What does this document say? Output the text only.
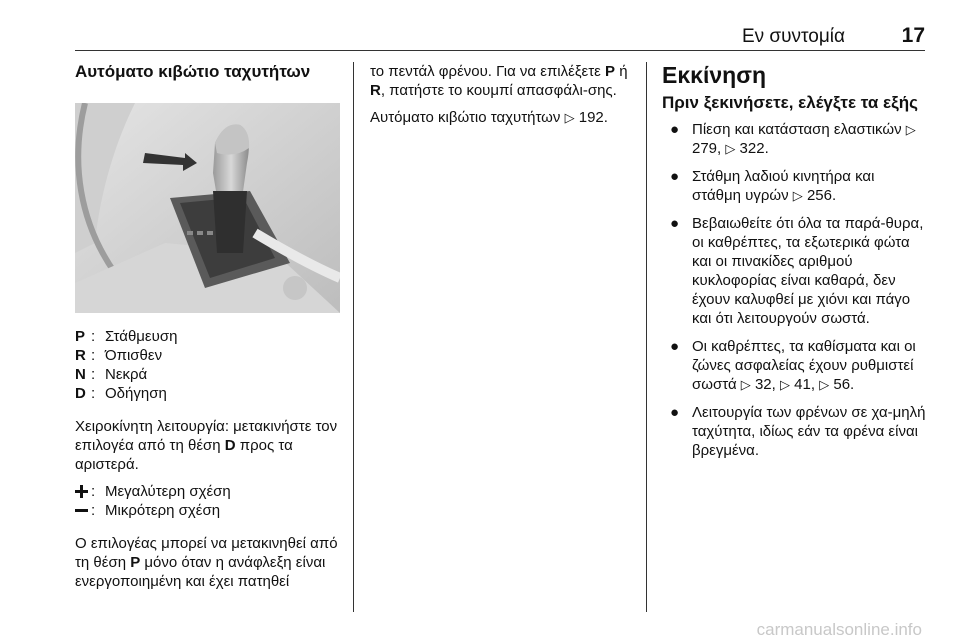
Εν συντομία	17
Αυτόματο κιβώτιο ταχυτήτων
P : Στάθμευση
R : Όπισθεν
N : Νεκρά
D : Οδήγηση

Χειροκίνητη λειτουργία: μετακινήστε τον επιλογέα από τη θέση D προς τα αριστερά.

: Μεγαλύτερη σχέση
: Μικρότερη σχέση

Ο επιλογέας μπορεί να μετακινηθεί από τη θέση P μόνο όταν η ανάφλεξη είναι ενεργοποιημένη και έχει πατηθεί

το πεντάλ φρένου. Για να επιλέξετε P ή R, πατήστε το κουμπί απασφάλι-σης.

Αυτόματο κιβώτιο ταχυτήτων ▷ 192.

Εκκίνηση
Πριν ξεκινήσετε, ελέγξτε τα εξής
● Πίεση και κατάσταση ελαστικών ▷ 279, ▷ 322.
● Στάθμη λαδιού κινητήρα και στάθμη υγρών ▷ 256.
● Βεβαιωθείτε ότι όλα τα παρά-θυρα, οι καθρέπτες, τα εξωτερικά φώτα και οι πινακίδες αριθμού κυκλοφορίας είναι καθαρά, δεν έχουν καλυφθεί με χιόνι και πάγο και ότι λειτουργούν σωστά.
● Οι καθρέπτες, τα καθίσματα και οι ζώνες ασφαλείας έχουν ρυθμιστεί σωστά ▷ 32, ▷ 41, ▷ 56.
● Λειτουργία των φρένων σε χα-μηλή ταχύτητα, ιδίως εάν τα φρένα είναι βρεγμένα.
carmanualsonline.info
